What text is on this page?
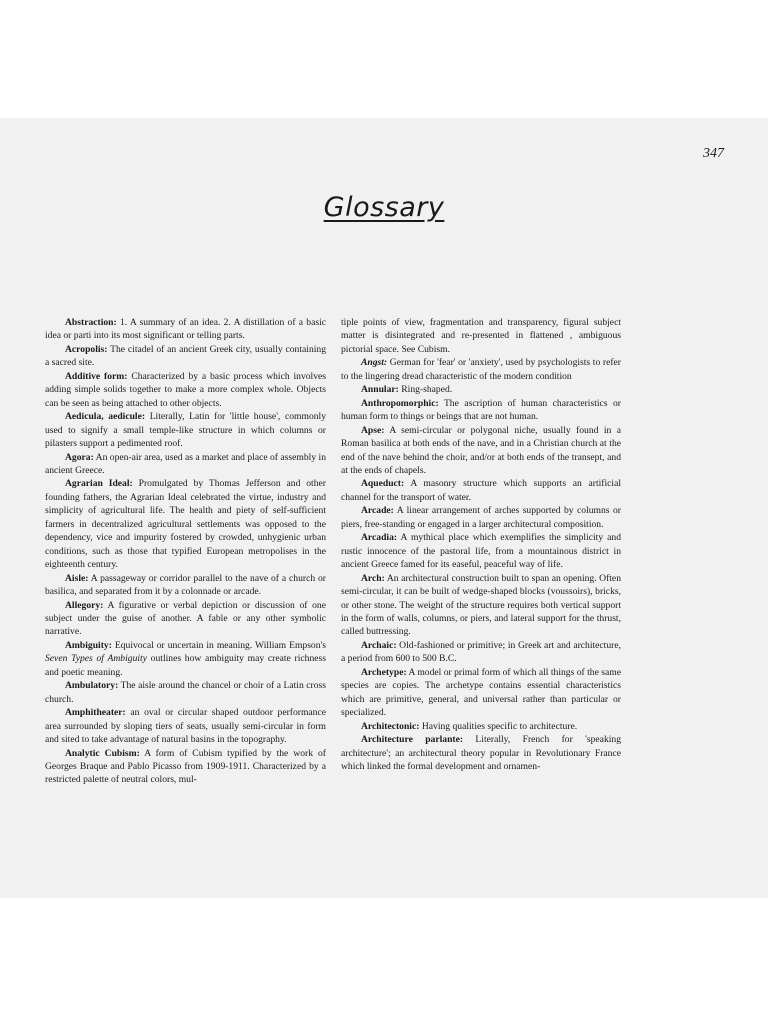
347
Glossary

Abstraction: 1. A summary of an idea. 2. A distillation of a basic idea or parti into its most significant or telling parts.

Acropolis: The citadel of an ancient Greek city, usually containing a sacred site.

Additive form: Characterized by a basic process which involves adding simple solids together to make a more complex whole. Objects can be seen as being attached to other objects.

Aedicula, aedicule: Literally, Latin for 'little house', commonly used to signify a small temple-like structure in which columns or pilasters support a pedimented roof.

Agora: An open-air area, used as a market and place of assembly in ancient Greece.

Agrarian Ideal: Promulgated by Thomas Jefferson and other founding fathers, the Agrarian Ideal celebrated the virtue, industry and simplicity of agricultural life. The health and piety of self-sufficient farmers in decentralized agricultural settlements was opposed to the dependency, vice and impurity fostered by crowded, unhygienic urban conditions, such as those that typified European metropolises in the eighteenth century.

Aisle: A passageway or corridor parallel to the nave of a church or basilica, and separated from it by a colonnade or arcade.

Allegory: A figurative or verbal depiction or discussion of one subject under the guise of another. A fable or any other symbolic narrative.

Ambiguity: Equivocal or uncertain in meaning. William Empson's Seven Types of Ambiguity outlines how ambiguity may create richness and poetic meaning.

Ambulatory: The aisle around the chancel or choir of a Latin cross church.

Amphitheater: an oval or circular shaped outdoor performance area surrounded by sloping tiers of seats, usually semi-circular in form and sited to take advantage of natural basins in the topography.

Analytic Cubism: A form of Cubism typified by the work of Georges Braque and Pablo Picasso from 1909-1911. Characterized by a restricted palette of neutral colors, mul-

tiple points of view, fragmentation and transparency, figural subject matter is disintegrated and re-presented in flattened , ambiguous pictorial space. See Cubism.

Angst: German for 'fear' or 'anxiety', used by psychologists to refer to the lingering dread characteristic of the modern condition

Annular: Ring-shaped.

Anthropomorphic: The ascription of human characteristics or human form to things or beings that are not human.

Apse: A semi-circular or polygonal niche, usually found in a Roman basilica at both ends of the nave, and in a Christian church at the end of the nave behind the choir, and/or at both ends of the transept, and at the ends of chapels.

Aqueduct: A masonry structure which supports an artificial channel for the transport of water.

Arcade: A linear arrangement of arches supported by columns or piers, free-standing or engaged in a larger architectural composition.

Arcadia: A mythical place which exemplifies the simplicity and rustic innocence of the pastoral life, from a mountainous district in ancient Greece famed for its easeful, peaceful way of life.

Arch: An architectural construction built to span an opening. Often semi-circular, it can be built of wedge-shaped blocks (voussoirs), bricks, or other stone. The weight of the structure requires both vertical support in the form of walls, columns, or piers, and lateral support for the thrust, called buttressing.

Archaic: Old-fashioned or primitive; in Greek art and architecture, a period from 600 to 500 B.C.

Archetype: A model or primal form of which all things of the same species are copies. The archetype contains essential characteristics which are primitive, general, and universal rather than particular or specialized.

Architectonic: Having qualities specific to architecture.

Architecture parlante: Literally, French for 'speaking architecture'; an architectural theory popular in Revolutionary France which linked the formal development and ornamen-
